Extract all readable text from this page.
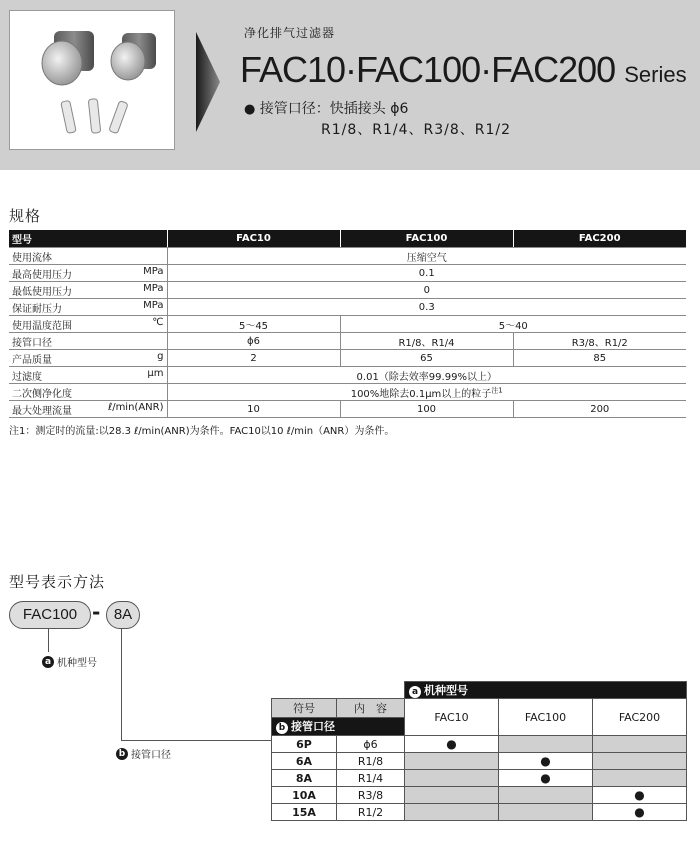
净化排气过滤器
FAC10·FAC100·FAC200 Series
● 接管口径：快插接头 ϕ6
R1/8、R1/4、R3/8、R1/2
规格
型号	FAC10	FAC100	FAC200
使用流体	压缩空气		

最高使用压力 MPa	0.1		

最低使用压力 MPa	0		

保证耐压力 MPa	0.3		

使用温度范围 ℃	5～45	5～40	
接管口径	ϕ6	R1/8、R1/4	R3/8、R1/2

产品质量 g	2	65	85

过滤度 μm	0.01（除去效率99.99%以上）		
二次侧净化度	100%地除去0.1μm以上的粒子$^{注1}$

最大处理流量 ℓ/min(ANR)	10	100	200
注1：测定时的流量:以28.3 ℓ/min(ANR)为条件。FAC10以10 ℓ/min（ANR）为条件。
型号表示方法
FAC100 - 8A
a 机种型号
b 接管口径
		a 机种型号		
符号	内　容	FAC10	FAC100	FAC200
b 接管口径				
6P	ϕ6	●		
6A	R1/8		●	
8A	R1/4		●	
10A	R3/8			●
15A	R1/2			●
